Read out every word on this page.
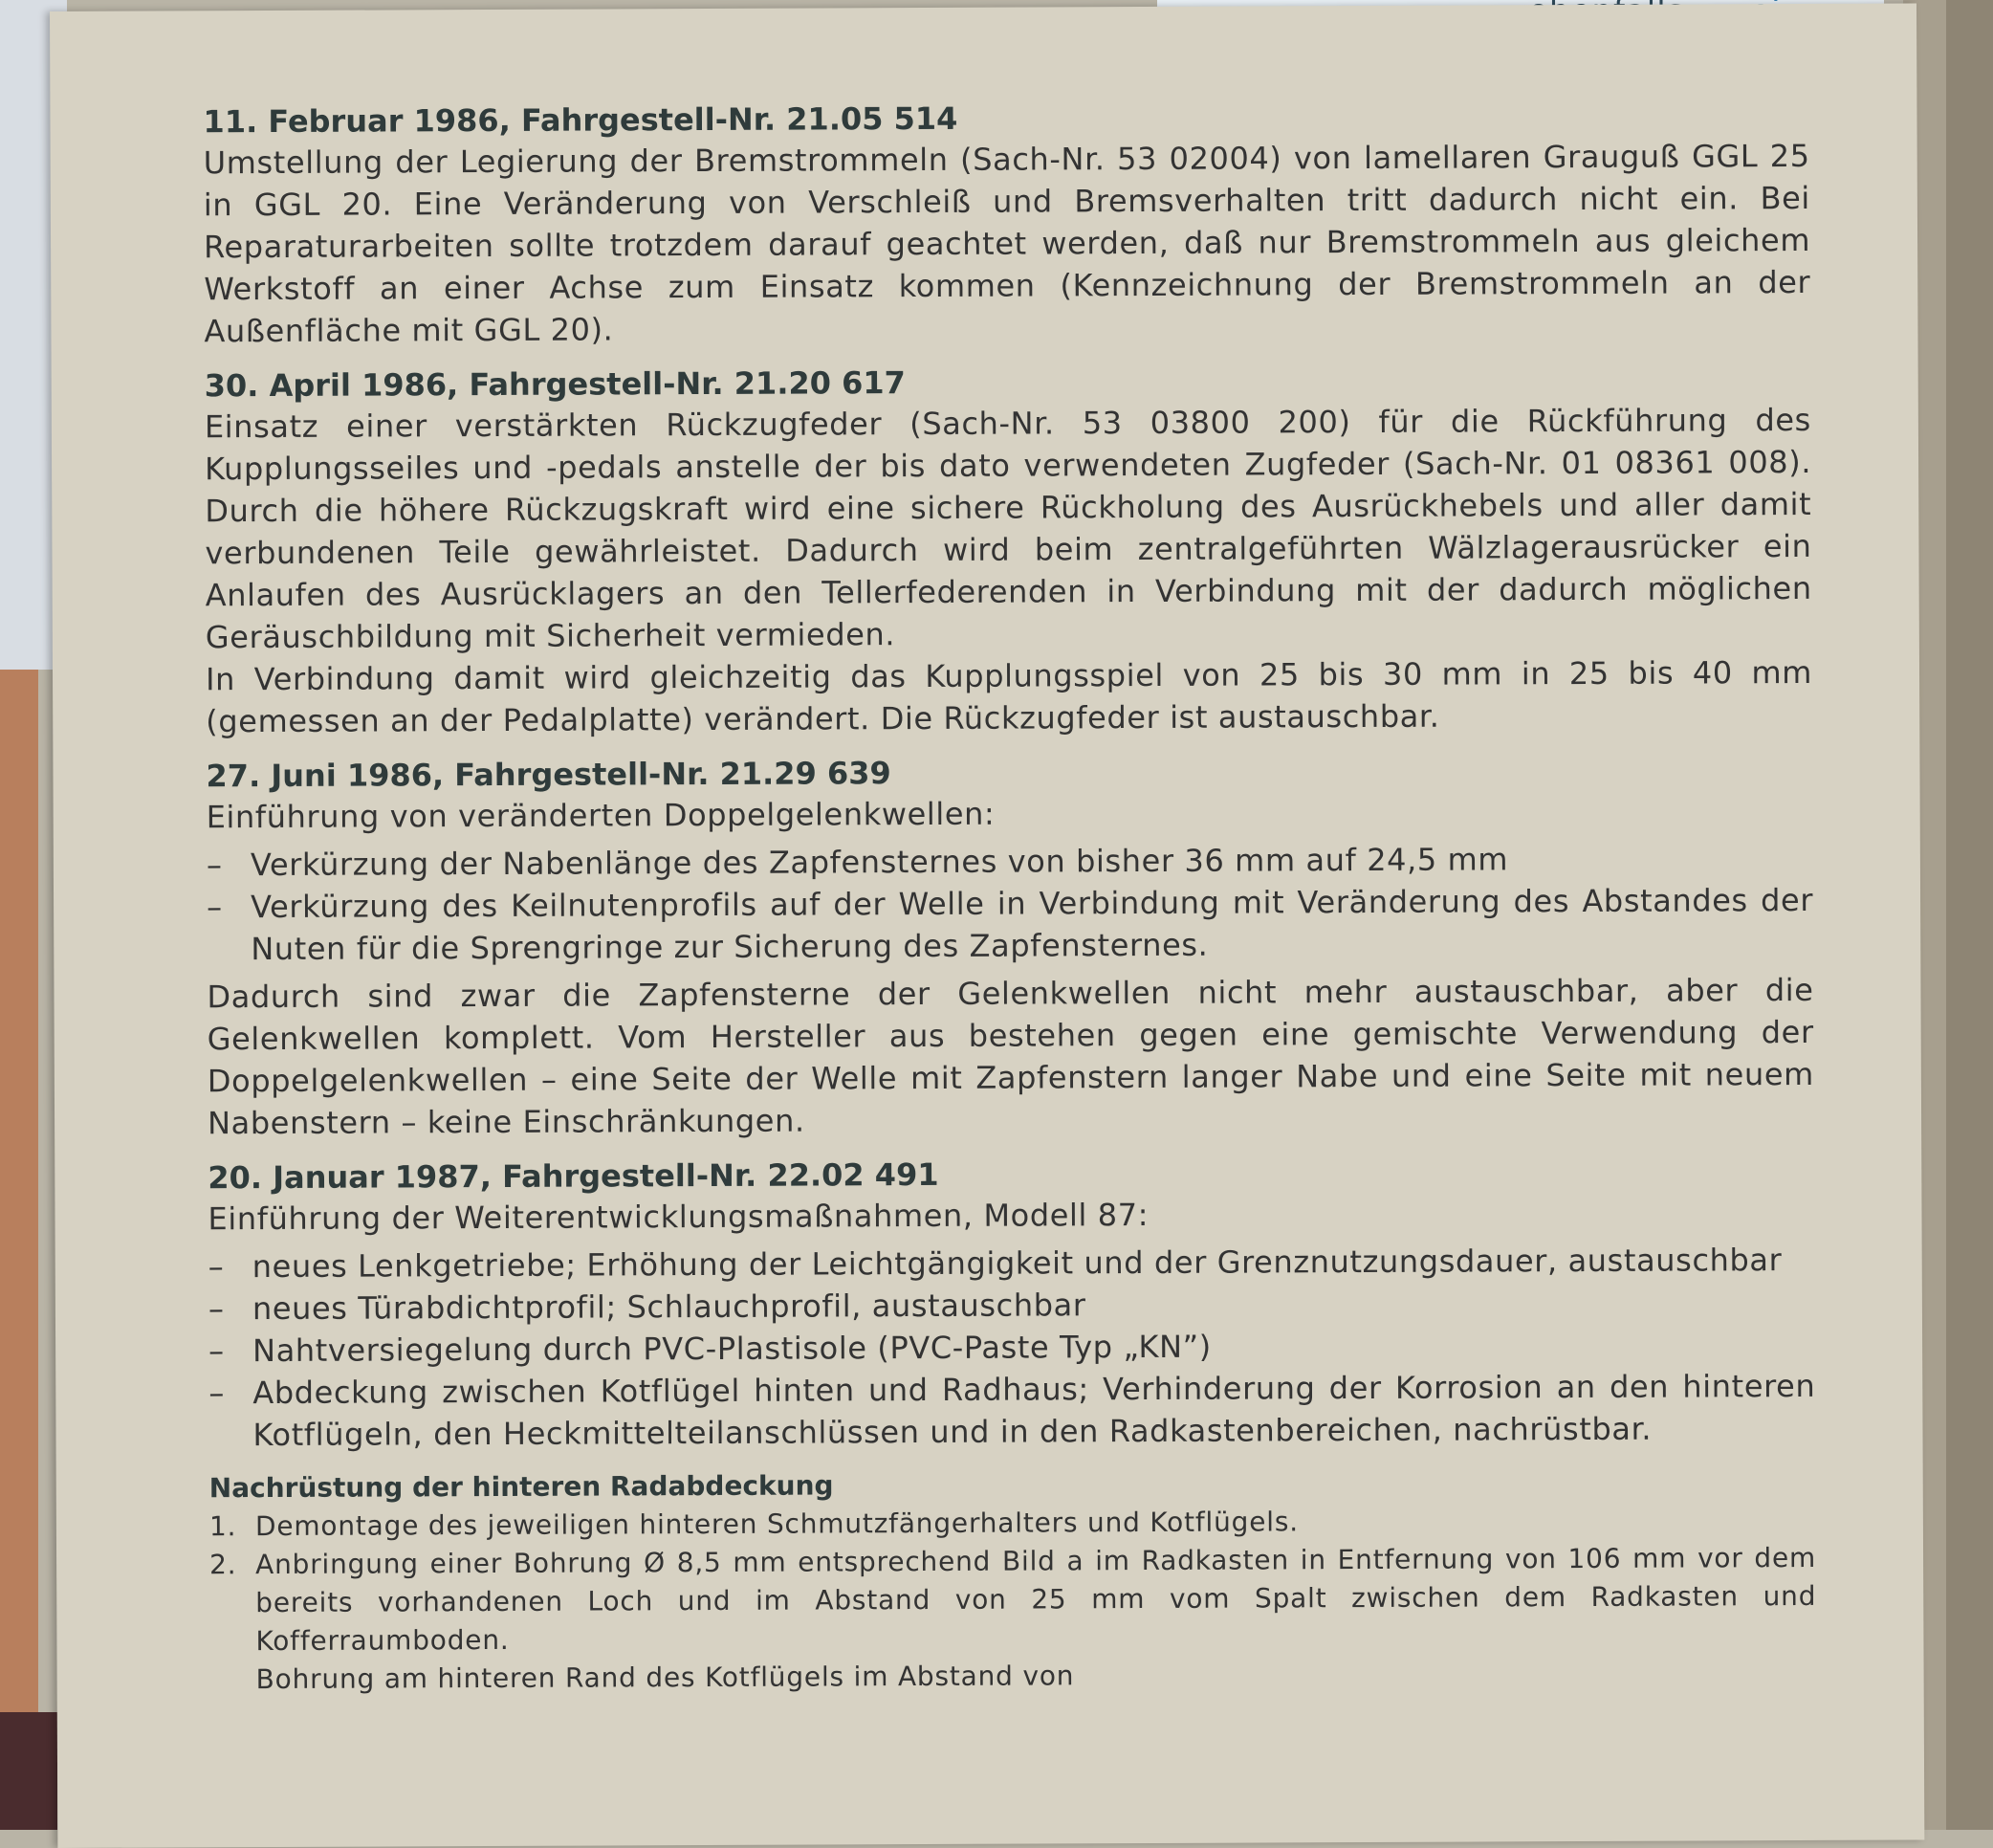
11. Februar 1986, Fahrgestell-Nr. 21.05 514

Umstellung der Legierung der Bremstrommeln (Sach-Nr. 53 02004) von lamellaren Grauguß GGL 25 in GGL 20. Eine Veränderung von Verschleiß und Bremsverhalten tritt dadurch nicht ein. Bei Reparaturarbeiten sollte trotzdem darauf geachtet werden, daß nur Bremstrommeln aus gleichem Werkstoff an einer Achse zum Einsatz kommen (Kennzeichnung der Bremstrommeln an der Außenfläche mit GGL 20).

30. April 1986, Fahrgestell-Nr. 21.20 617

Einsatz einer verstärkten Rückzugfeder (Sach-Nr. 53 03800 200) für die Rückführung des Kupplungsseiles und -pedals anstelle der bis dato verwendeten Zugfeder (Sach-Nr. 01 08361 008). Durch die höhere Rückzugskraft wird eine sichere Rückholung des Ausrückhebels und aller damit verbundenen Teile gewährleistet. Dadurch wird beim zentralgeführten Wälzlagerausrücker ein Anlaufen des Ausrücklagers an den Tellerfederenden in Verbindung mit der dadurch möglichen Geräuschbildung mit Sicherheit vermieden.

In Verbindung damit wird gleichzeitig das Kupplungsspiel von 25 bis 30 mm in 25 bis 40 mm (gemessen an der Pedalplatte) verändert. Die Rückzugfeder ist austauschbar.

27. Juni 1986, Fahrgestell-Nr. 21.29 639

Einführung von veränderten Doppelgelenkwellen:

– Verkürzung der Nabenlänge des Zapfensternes von bisher 36 mm auf 24,5 mm
– Verkürzung des Keilnutenprofils auf der Welle in Verbindung mit Veränderung des Abstandes der Nuten für die Sprengringe zur Sicherung des Zapfensternes.

Dadurch sind zwar die Zapfensterne der Gelenkwellen nicht mehr austauschbar, aber die Gelenkwellen komplett. Vom Hersteller aus bestehen gegen eine gemischte Verwendung der Doppelgelenkwellen – eine Seite der Welle mit Zapfenstern langer Nabe und eine Seite mit neuem Nabenstern – keine Einschränkungen.

20. Januar 1987, Fahrgestell-Nr. 22.02 491

Einführung der Weiterentwicklungsmaßnahmen, Modell 87:

– neues Lenkgetriebe; Erhöhung der Leichtgängigkeit und der Grenznutzungsdauer, austauschbar
– neues Türabdichtprofil; Schlauchprofil, austauschbar
– Nahtversiegelung durch PVC-Plastisole (PVC-Paste Typ „KN”)
– Abdeckung zwischen Kotflügel hinten und Radhaus; Verhinderung der Korrosion an den hinteren Kotflügeln, den Heckmittelteilanschlüssen und in den Radkastenbereichen, nachrüstbar.

Nachrüstung der hinteren Radabdeckung

1. Demontage des jeweiligen hinteren Schmutzfängerhalters und Kotflügels.
2. Anbringung einer Bohrung Ø 8,5 mm entsprechend Bild a im Radkasten in Entfernung von 106 mm vor dem bereits vorhandenen Loch und im Abstand von 25 mm vom Spalt zwischen dem Radkasten und Kofferraumboden.
Bohrung am hinteren Rand des Kotflügels im Abstand von
